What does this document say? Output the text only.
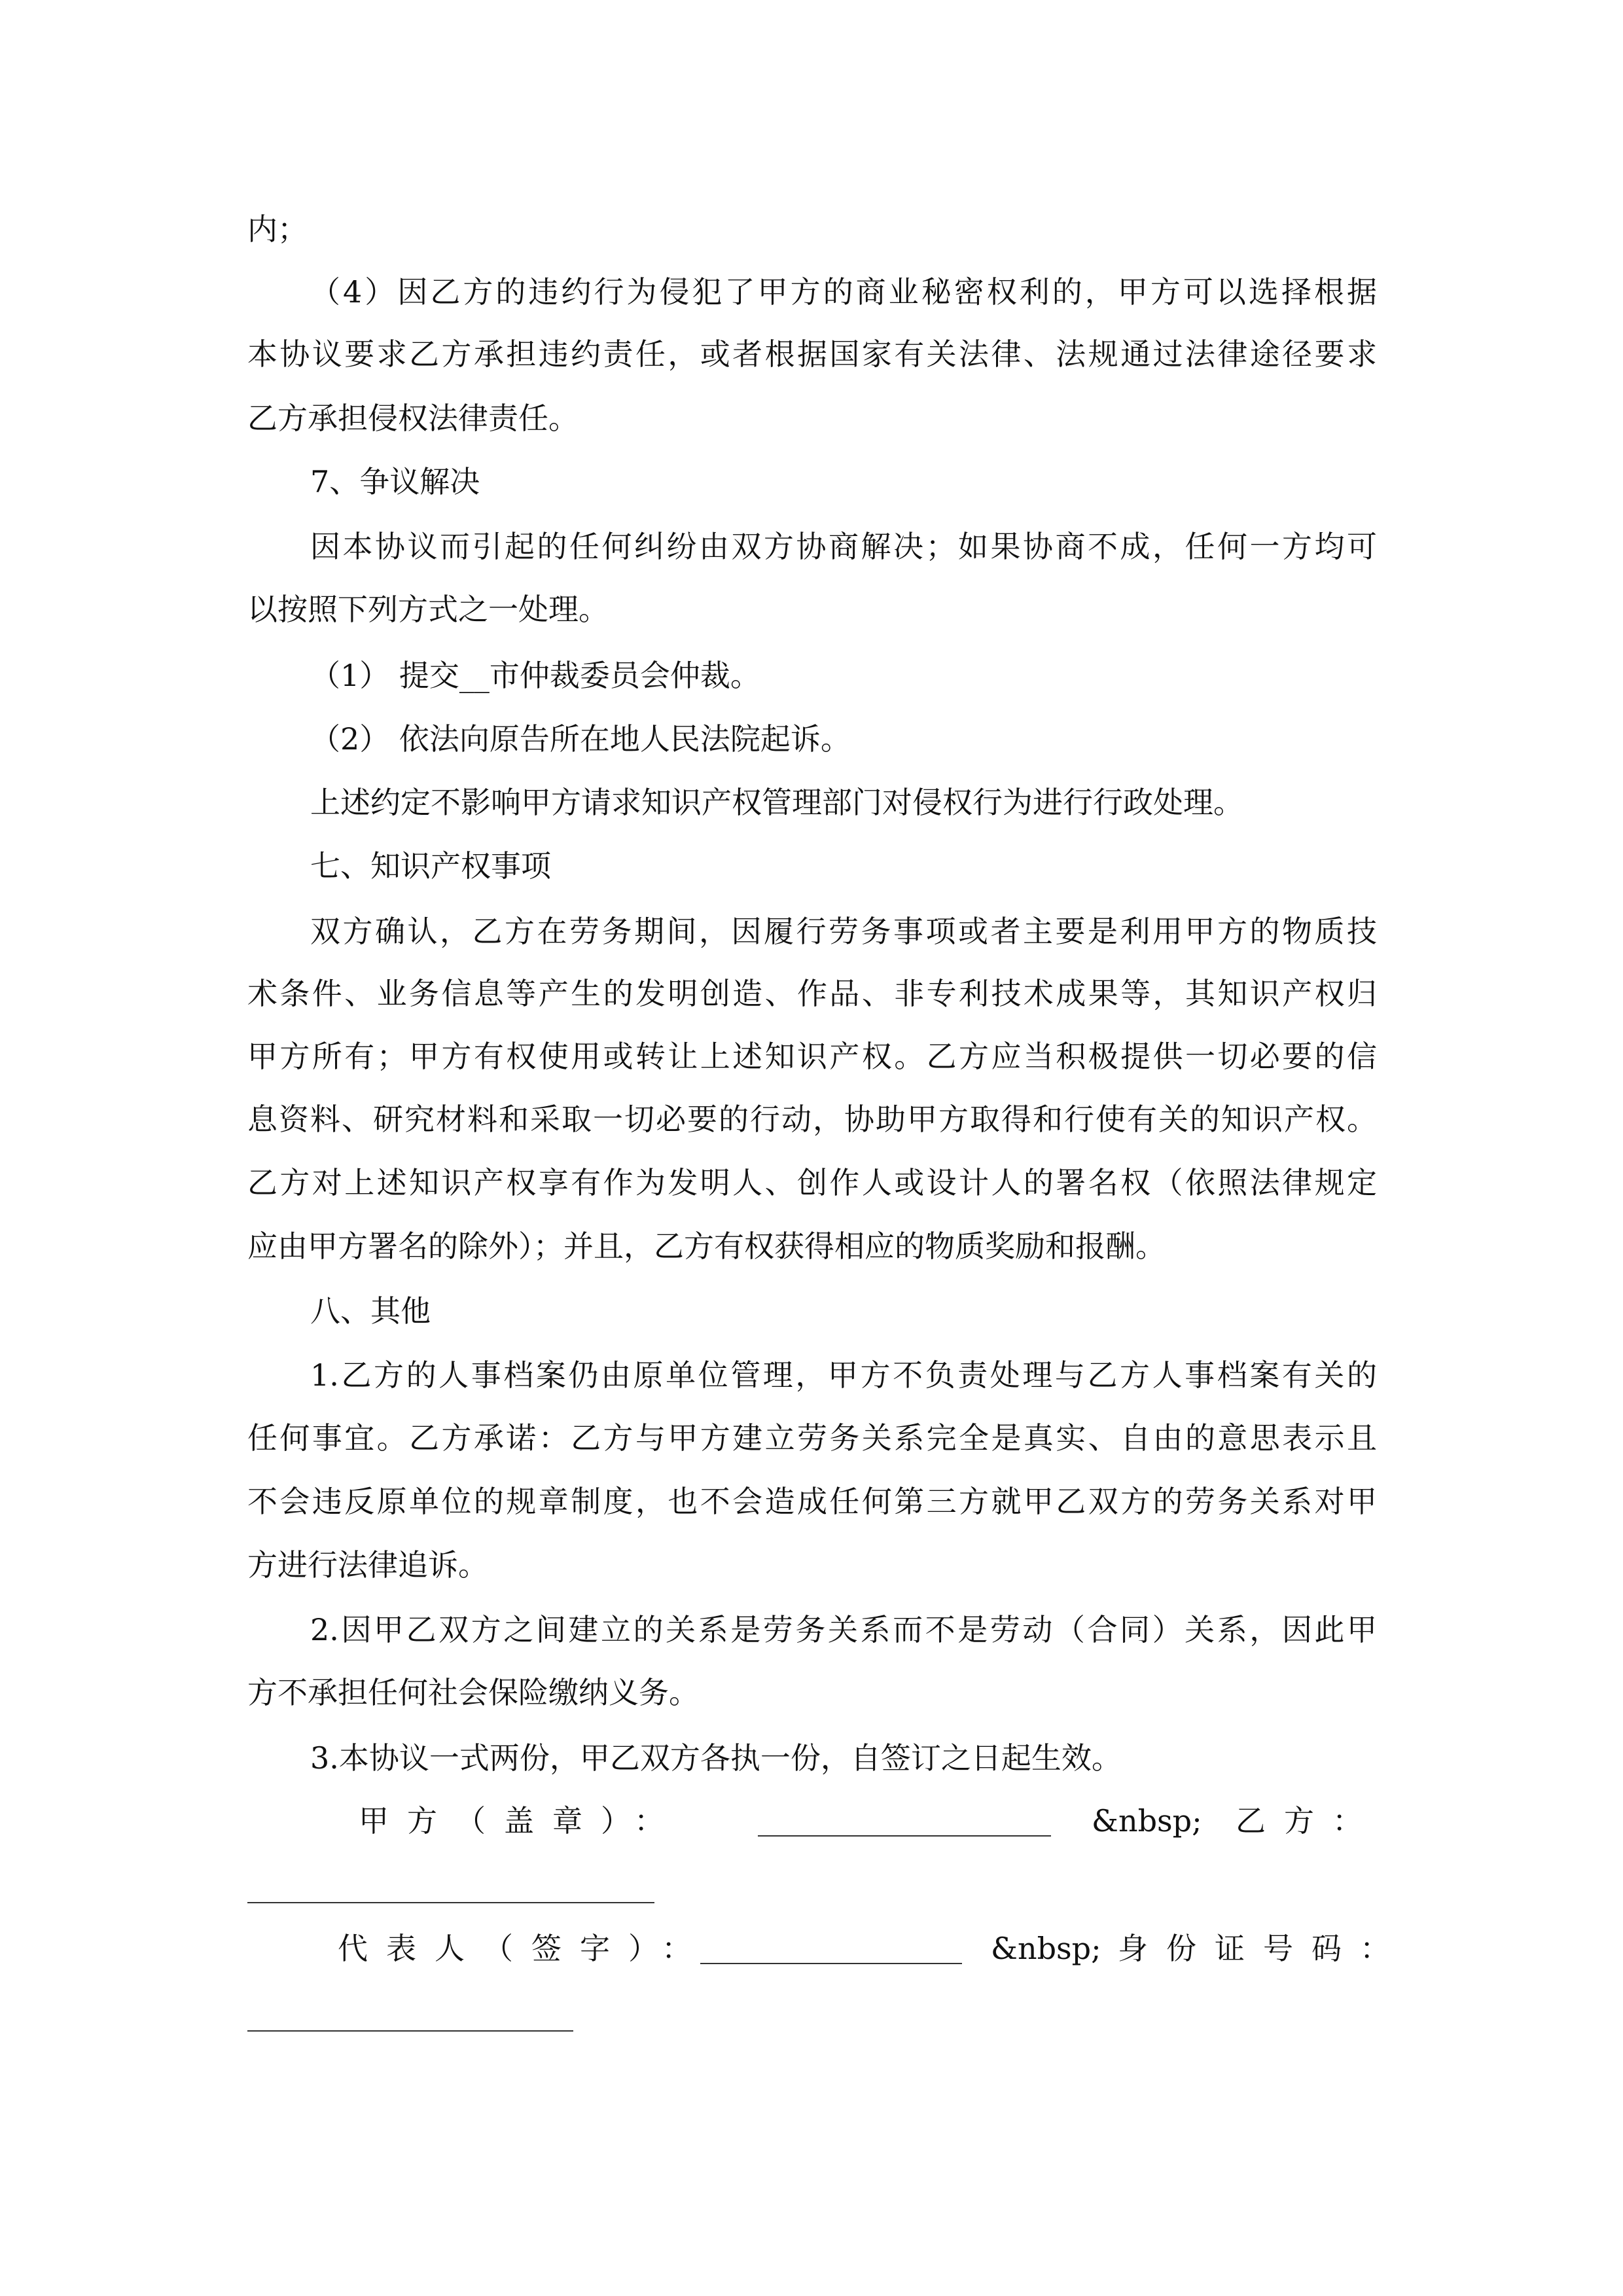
内；
（4）因乙方的违约行为侵犯了甲方的商业秘密权利的，甲方可以选择根据
本协议要求乙方承担违约责任，或者根据国家有关法律、法规通过法律途径要求
乙方承担侵权法律责任。
7、争议解决
因本协议而引起的任何纠纷由双方协商解决；如果协商不成，任何一方均可
以按照下列方式之一处理。
（1） 提交__市仲裁委员会仲裁。
（2） 依法向原告所在地人民法院起诉。
上述约定不影响甲方请求知识产权管理部门对侵权行为进行行政处理。
七、知识产权事项
双方确认，乙方在劳务期间，因履行劳务事项或者主要是利用甲方的物质技
术条件、业务信息等产生的发明创造、作品、非专利技术成果等，其知识产权归
甲方所有；甲方有权使用或转让上述知识产权。乙方应当积极提供一切必要的信
息资料、研究材料和采取一切必要的行动，协助甲方取得和行使有关的知识产权。
乙方对上述知识产权享有作为发明人、创作人或设计人的署名权（依照法律规定
应由甲方署名的除外）；并且，乙方有权获得相应的物质奖励和报酬。
八、其他
1.乙方的人事档案仍由原单位管理，甲方不负责处理与乙方人事档案有关的
任何事宜。乙方承诺：乙方与甲方建立劳务关系完全是真实、自由的意思表示且
不会违反原单位的规章制度，也不会造成任何第三方就甲乙双方的劳务关系对甲
方进行法律追诉。
2.因甲乙双方之间建立的关系是劳务关系而不是劳动（合同）关系，因此甲
方不承担任何社会保险缴纳义务。
3.本协议一式两份，甲乙双方各执一份，自签订之日起生效。
甲方（盖章）：	&nbsp; 乙方：
代表人（签字）：	&nbsp; 身份证号码：
